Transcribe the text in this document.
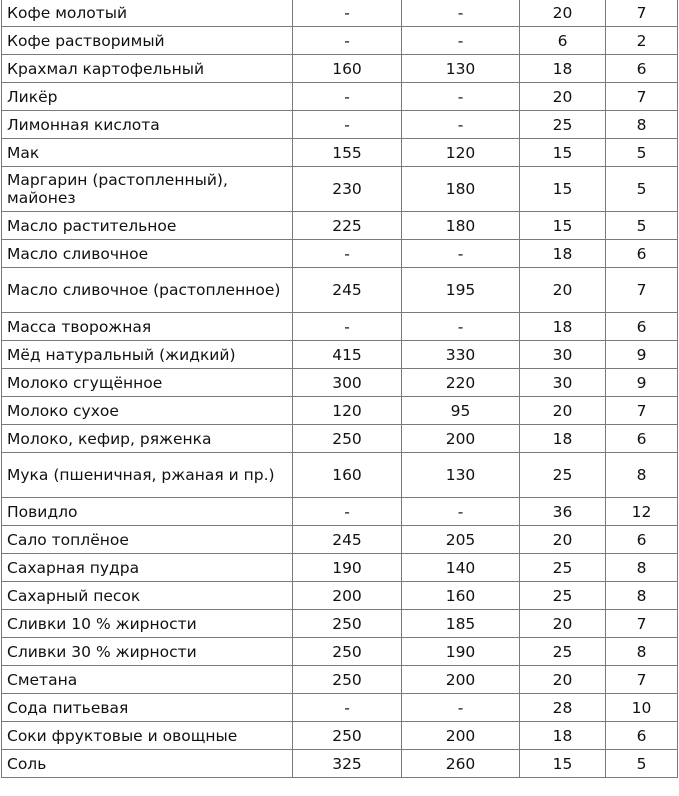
Кофе молотый	-	-	20	7
Кофе растворимый	-	-	6	2
Крахмал картофельный	160	130	18	6
Ликёр	-	-	20	7
Лимонная кислота	-	-	25	8
Мак	155	120	15	5
Маргарин (растопленный), майонез	230	180	15	5
Масло растительное	225	180	15	5
Масло сливочное	-	-	18	6
Масло сливочное (растопленное)	245	195	20	7
Масса творожная	-	-	18	6
Мёд натуральный (жидкий)	415	330	30	9
Молоко сгущённое	300	220	30	9
Молоко сухое	120	95	20	7
Молоко, кефир, ряженка	250	200	18	6
Мука (пшеничная, ржаная и пр.)	160	130	25	8
Повидло	-	-	36	12
Сало топлёное	245	205	20	6
Сахарная пудра	190	140	25	8
Сахарный песок	200	160	25	8
Сливки 10 % жирности	250	185	20	7
Сливки 30 % жирности	250	190	25	8
Сметана	250	200	20	7
Сода питьевая	-	-	28	10
Соки фруктовые и овощные	250	200	18	6
Соль	325	260	15	5
